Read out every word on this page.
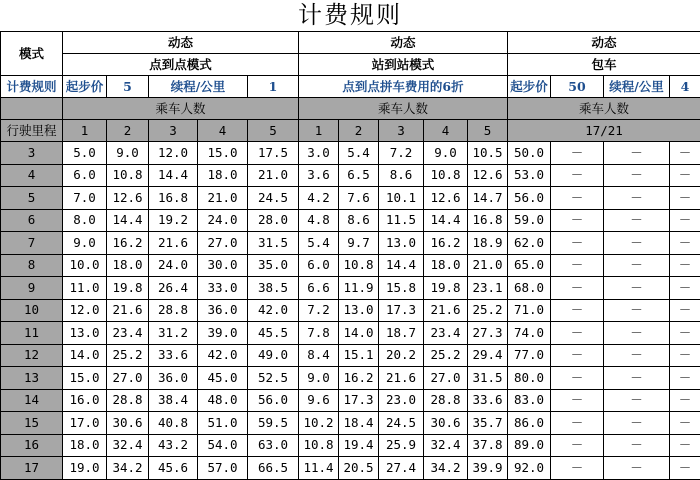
计费规则
模式	动态					动态					动态			
	点到点模式					站到站模式					包车			
计费规则	起步价	5	续程/公里		1	点到点拼车费用的6折					起步价	50	续程/公里	4
	乘车人数					乘车人数					乘车人数			
行驶里程	1	2	3	4	5	1	2	3	4	5	17/21			
3	5.0	9.0	12.0	15.0	17.5	3.0	5.4	7.2	9.0	10.5	50.0	－	－	－
4	6.0	10.8	14.4	18.0	21.0	3.6	6.5	8.6	10.8	12.6	53.0	－	－	－
5	7.0	12.6	16.8	21.0	24.5	4.2	7.6	10.1	12.6	14.7	56.0	－	－	－
6	8.0	14.4	19.2	24.0	28.0	4.8	8.6	11.5	14.4	16.8	59.0	－	－	－
7	9.0	16.2	21.6	27.0	31.5	5.4	9.7	13.0	16.2	18.9	62.0	－	－	－
8	10.0	18.0	24.0	30.0	35.0	6.0	10.8	14.4	18.0	21.0	65.0	－	－	－
9	11.0	19.8	26.4	33.0	38.5	6.6	11.9	15.8	19.8	23.1	68.0	－	－	－
10	12.0	21.6	28.8	36.0	42.0	7.2	13.0	17.3	21.6	25.2	71.0	－	－	－
11	13.0	23.4	31.2	39.0	45.5	7.8	14.0	18.7	23.4	27.3	74.0	－	－	－
12	14.0	25.2	33.6	42.0	49.0	8.4	15.1	20.2	25.2	29.4	77.0	－	－	－
13	15.0	27.0	36.0	45.0	52.5	9.0	16.2	21.6	27.0	31.5	80.0	－	－	－
14	16.0	28.8	38.4	48.0	56.0	9.6	17.3	23.0	28.8	33.6	83.0	－	－	－
15	17.0	30.6	40.8	51.0	59.5	10.2	18.4	24.5	30.6	35.7	86.0	－	－	－
16	18.0	32.4	43.2	54.0	63.0	10.8	19.4	25.9	32.4	37.8	89.0	－	－	－
17	19.0	34.2	45.6	57.0	66.5	11.4	20.5	27.4	34.2	39.9	92.0	－	－	－
